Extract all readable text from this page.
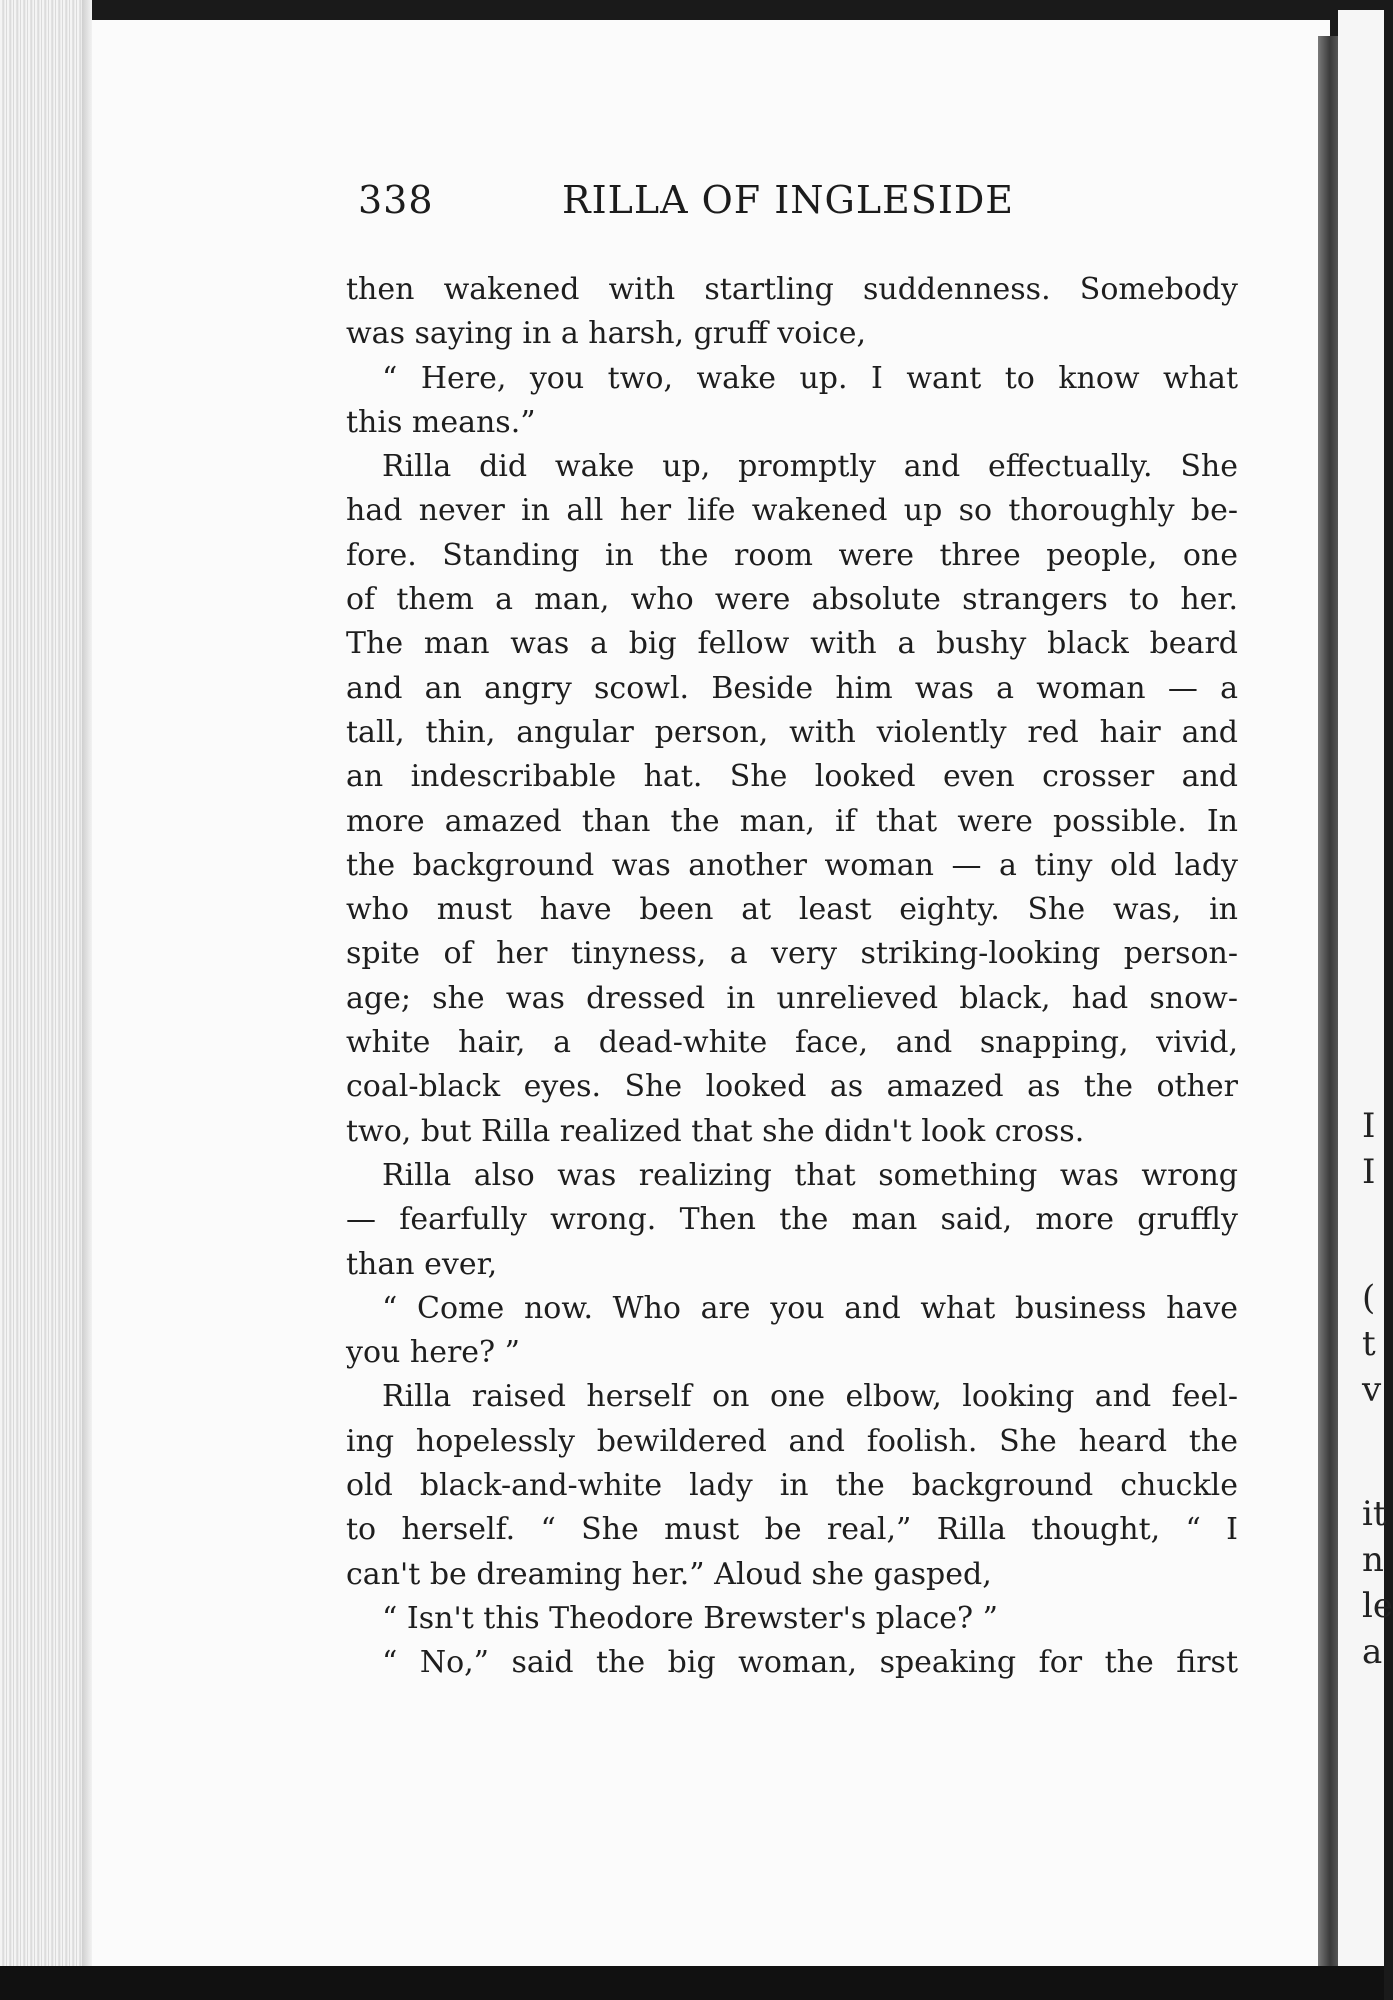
I
I
(
t
v
it
n
le
a
338	RILLA OF INGLESIDE
then wakened with startling suddenness. Somebody
was saying in a harsh, gruff voice,
“ Here, you two, wake up. I want to know what
this means.”
Rilla did wake up, promptly and effectually. She
had never in all her life wakened up so thoroughly be-
fore. Standing in the room were three people, one
of them a man, who were absolute strangers to her.
The man was a big fellow with a bushy black beard
and an angry scowl. Beside him was a woman — a
tall, thin, angular person, with violently red hair and
an indescribable hat. She looked even crosser and
more amazed than the man, if that were possible. In
the background was another woman — a tiny old lady
who must have been at least eighty. She was, in
spite of her tinyness, a very striking-looking person-
age; she was dressed in unrelieved black, had snow-
white hair, a dead-white face, and snapping, vivid,
coal-black eyes. She looked as amazed as the other
two, but Rilla realized that she didn't look cross.
Rilla also was realizing that something was wrong
— fearfully wrong. Then the man said, more gruffly
than ever,
“ Come now. Who are you and what business have
you here? ”
Rilla raised herself on one elbow, looking and feel-
ing hopelessly bewildered and foolish. She heard the
old black-and-white lady in the background chuckle
to herself. “ She must be real,” Rilla thought, “ I
can't be dreaming her.” Aloud she gasped,
“ Isn't this Theodore Brewster's place? ”
“ No,” said the big woman, speaking for the first
